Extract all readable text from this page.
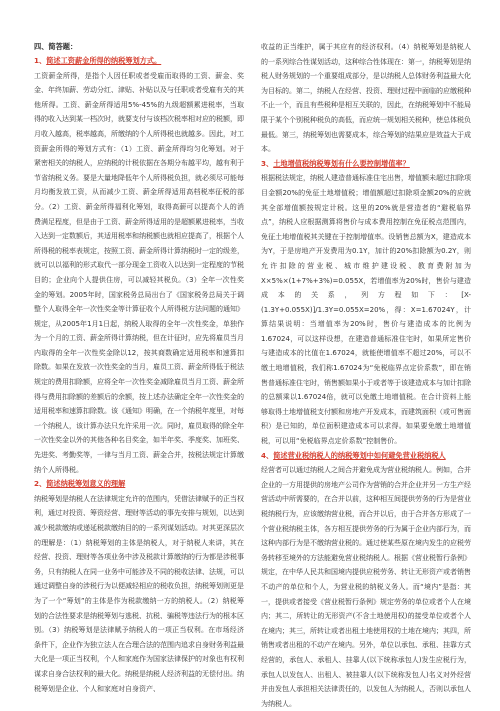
四、简答题：
1、简述工资薪金所得的纳税筹划方式。

工资薪金所得，是指个人因任职或者受雇而取得的工资、薪金、奖金、年终加薪、劳动分红、津贴、补贴以及与任职或者受雇有关的其他所得。工资、薪金所得适用5%-45%的九级超额累进税率，当取得的收入达到某一档次时，就要支付与该档次税率相对应的税额，即月收入越高，税率越高，所缴纳的个人所得税也就越多。因此，对工资薪金所得的筹划方式有：（1）工资、薪金所得均匀化筹划。对于紧密相关的纳税人，应纳税的计税依据在各期分布越平均，越有利于节省纳税义务。要是大量地降低年个人所得税负担，就必须尽可能每月均衡发放工资，从而减少工资、薪金所得适用高档税率征税的部分。（2）工资、薪金所得福利化筹划，取得高薪可以提高个人的消费满足程度，但是由于工资、薪金所得适用的是超额累进税率，当收入达到一定数额后，其适用税率和纳税额也就相应提高了，根据个人所得税的税率表规定，按照工资、薪金所得计算纳税时一定的级差，就可以以福利的形式取代一部分现金工资收入以达到一定程度的节税目的；企业向个人提供住房，可以减轻其税负。（3）全年一次性奖金的筹划。2005年时，国家税务总局出台了《国家税务总局关于调整个人取得全年一次性奖金等计算征收个人所得税方法问题的通知》规定，从2005年1月1日起，纳税人取得的全年一次性奖金，单独作为一个月的工资、薪金所得计算纳税，但在计征时，应先将雇员当月内取得的全年一次性奖金除以12，按其商数确定适用税率和速算扣除数。如果在发放一次性奖金的当月，雇员工资、薪金所得低于税法规定的费用扣除额，应将全年一次性奖金减除雇员当月工资、薪金所得与费用扣除额的差额后的余额，按上述办法确定全年一次性奖金的适用税率和速算扣除数。该《通知》明确，在一个纳税年度里，对每一个纳税人，该计算办法只允许采用一次。同时，雇员取得的除全年一次性奖金以外的其他各种名目奖金，如半年奖、季度奖、加班奖、先进奖、考勤奖等，一律与当月工资、薪金合并，按税法规定计算缴纳个人所得税。

2、简述纳税筹划意义的理解

纳税筹划是纳税人在法律规定允许的范围内，凭借法律赋予的正当权利，通过对投资、筹资经营、理财等活动的事先安排与规划，以达到减少税款缴纳或递延税款缴纳目的的一系列谋划活动。对其更深层次的理解是：（1）纳税筹划的主体是纳税人，对于纳税人来讲，其在经营、投资、理财等各项业务中涉及税款计算缴纳的行为都是涉税事务，只有纳税人在同一业务中可能涉及不同的税收法律、法规，可以通过调整自身的涉税行为以便减轻相应的税收负担，纳税筹划则更是为了一个“筹划”的主体是作为税款缴纳一方的纳税人。（2）纳税筹划的合法性要求是纳税筹划与逃税、抗税、骗税等违法行为的根本区别。（3）纳税筹划是法律赋予纳税人的一项正当权利。在市场经济条件下，企业作为独立法人在合理合法的范围内追求自身财务利益最大化是一项正当权利，个人和家庭作为国家法律保护的对象也有权利谋求自身合法权利的最大化。纳税是纳税人经济利益的无偿付出。纳税筹划是企业、个人和家庭对自身资产、

收益的正当维护，属于其应有的经济权利。（4）纳税筹划是纳税人的一系列综合性谋划活动，这种综合性体现在：第一，纳税筹划是纳税人财务规划的一个重要组成部分，是以纳税人总体财务利益最大化为目标的。第二，纳税人在经营、投资、理财过程中面临的应缴税种不止一个，而且有些税种是相互关联的，因此，在纳税筹划中不能局限于某个个别税种税负的高低，而应统一规划相关税种，使总体税负最低。第三，纳税筹划也需要成本，综合筹划的结果应是效益大于成本。

3、土地增值税纳税筹划有什么要控制增值率？

根据税法规定，纳税人建造普通标准住宅出售，增值额未超过扣除项目金额20%的免征土地增值税；增值额超过扣除项金额20%的应就其全部增值额按规定计税。这里的20%就是营造者的“避税临界点”，纳税人应根据测算将售价与成本费用控制在免征税点范围内，免征土地增值税其关键在于控制增值率。设销售总额为X，建造成本为Y，于是房地产开发费用为0.1Y，加计的20%扣除额为0.2Y，则允许扣除的营业税、城市维护建设税、教育费附加为X×5%×(1+7%+3%)=0.055X，若增值率为20%时，售价与建造成本的关系，列方程如下：[X-(1.3Y+0.055X)]/1.3Y=0.055X=20%，得：X=1.67024Y，计算结果说明：当增值率为20%时，售价与建造成本的比例为1.67024，可以这样设想，在建造普通标准住宅时，如果所定售价与建造成本的比值在1.67024，就能使增值率不超过20%，可以不缴土地增值税，我们称1.67024为“免税临界点定价系数”，即在销售普通标准住宅时，销售额如果小于或者等于该建造成本与加计扣除的总额乘以1.67024倍，就可以免缴土地增值税。在合计资料上能够取得土地增值税支付额和房地产开发成本，而建筑面积（或可售面积）是已知的，单位面积建造成本可以求得。如果要免缴土地增值税，可以用“免税临界点定价系数”控制售价。

4、简述营业税纳税人的纳税筹划中如何避免营业税纳税人

经营者可以通过纳税人之间合并避免成为营业税纳税人。例如，合并企业的一方用提供的房地产公司作为营销的合并企业并另一方生产经营活动中所需要的，在合并以前，这种相互间提供劳务的行为是营业税纳税行为，应该缴纳营业税，而合并以后，由于合并各方形成了一个营业税纳税主体，各方相互提供劳务的行为属于企业内部行为，而这种内部行为是不缴纳营业税的。通过使某些原在境内发生的应税劳务转移至境外的方法能避免营业税纳税人。根据《营业税暂行条例》规定，在中华人民共和国境内提供应税劳务、转让无形资产或者销售不动产的单位和个人，为营业税的纳税义务人。而“境内”是指：其一，提供或者接受《营业税暂行条例》规定劳务的单位或者个人在境内；其二，所转让的无形资产(不含土地使用权)的接受单位或者个人在境内；其三，所转让或者出租土地使用权的土地在境内；其四，所销售或者出租的不动产在境内。另外，单位以承包、承租、挂靠方式经营的，承包人、承租人、挂靠人(以下统称承包人)发生应税行为，承包人以发包人、出租人、被挂靠人(以下统称发包人)名义对外经营并由发包人承担相关法律责任的，以发包人为纳税人，否则以承包人为纳税人。
